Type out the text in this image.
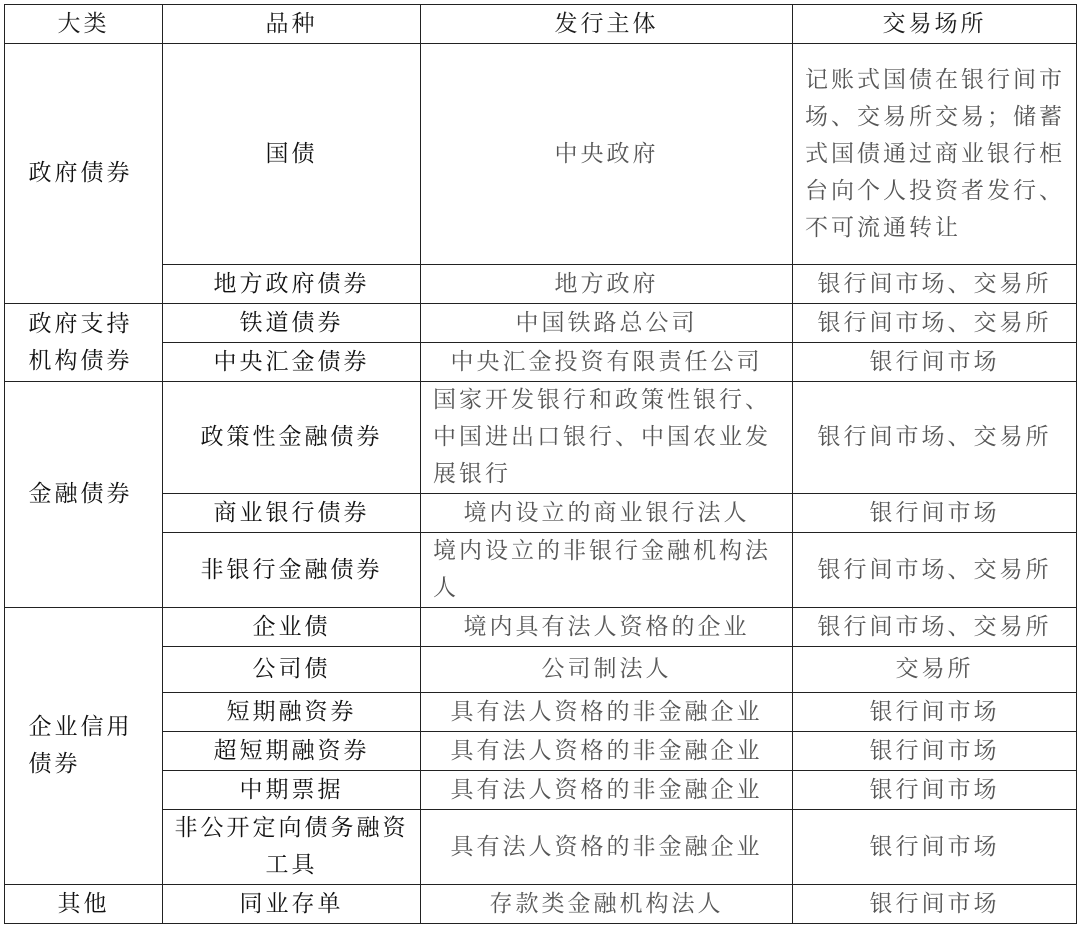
大类	品种	发行主体	交易场所
政府债券	国债	中央政府	记账式国债在银行间市场、交易所交易；储蓄式国债通过商业银行柜台向个人投资者发行、不可流通转让

	地方政府债券	地方政府	银行间市场、交易所
政府支持机构债券	铁道债券	中国铁路总公司	银行间市场、交易所
	中央汇金债券	中央汇金投资有限责任公司	银行间市场
金融债券	政策性金融债券	国家开发银行和政策性银行、中国进出口银行、中国农业发展银行	银行间市场、交易所
	商业银行债券	境内设立的商业银行法人	银行间市场
	非银行金融债券	境内设立的非银行金融机构法人	银行间市场、交易所
企业信用债券	企业债	境内具有法人资格的企业	银行间市场、交易所
	公司债	公司制法人	交易所
	短期融资券	具有法人资格的非金融企业	银行间市场
	超短期融资券	具有法人资格的非金融企业	银行间市场
	中期票据	具有法人资格的非金融企业	银行间市场
	非公开定向债务融资工具	具有法人资格的非金融企业	银行间市场
其他	同业存单	存款类金融机构法人	银行间市场
